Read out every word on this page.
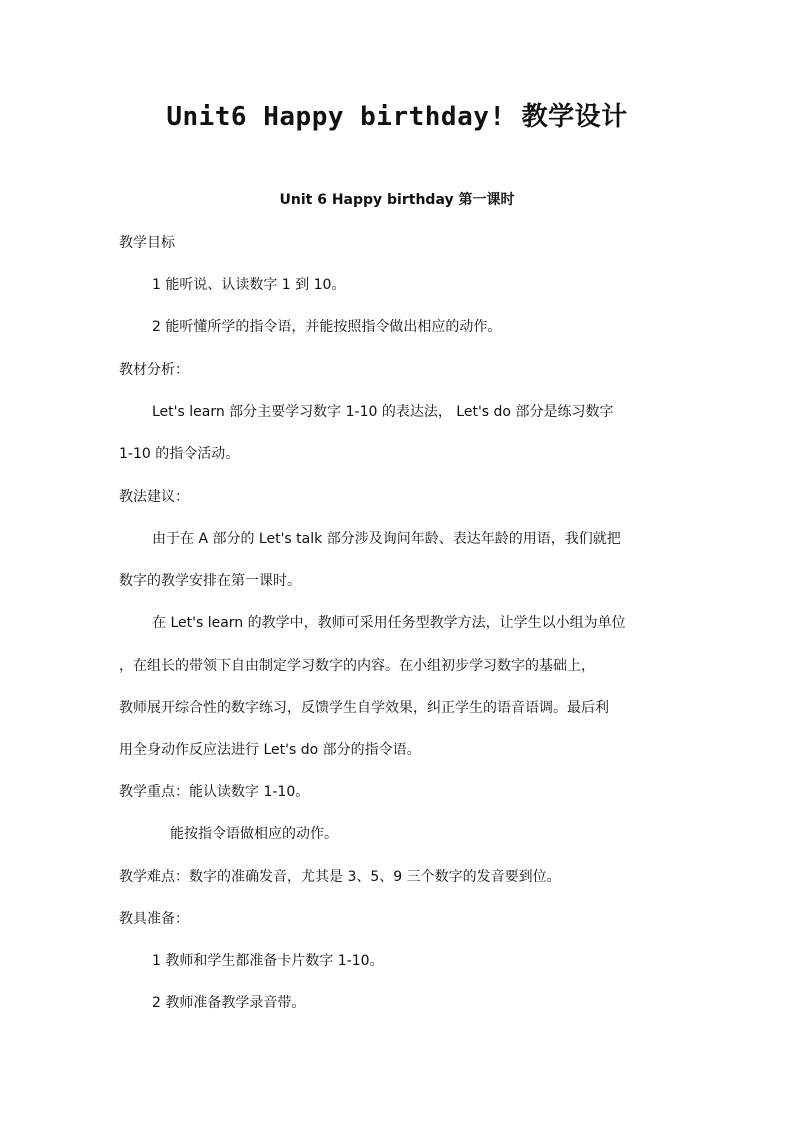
Unit6 Happy birthday! 教学设计
Unit 6 Happy birthday 第一课时
教学目标
1 能听说、认读数字 1 到 10。
2 能听懂所学的指令语，并能按照指令做出相应的动作。
教材分析：
Let's learn 部分主要学习数字 1-10 的表达法， Let's do 部分是练习数字
1-10 的指令活动。
教法建议：
由于在 A 部分的 Let's talk 部分涉及询问年龄、表达年龄的用语，我们就把
数字的教学安排在第一课时。
在 Let's learn 的教学中，教师可采用任务型教学方法，让学生以小组为单位
，在组长的带领下自由制定学习数字的内容。在小组初步学习数字的基础上，
教师展开综合性的数字练习，反馈学生自学效果，纠正学生的语音语调。最后利
用全身动作反应法进行 Let's do 部分的指令语。
教学重点：能认读数字 1-10。
能按指令语做相应的动作。
教学难点：数字的准确发音，尤其是 3、5、9 三个数字的发音要到位。
教具准备：
1 教师和学生都准备卡片数字 1-10。
2 教师准备教学录音带。
